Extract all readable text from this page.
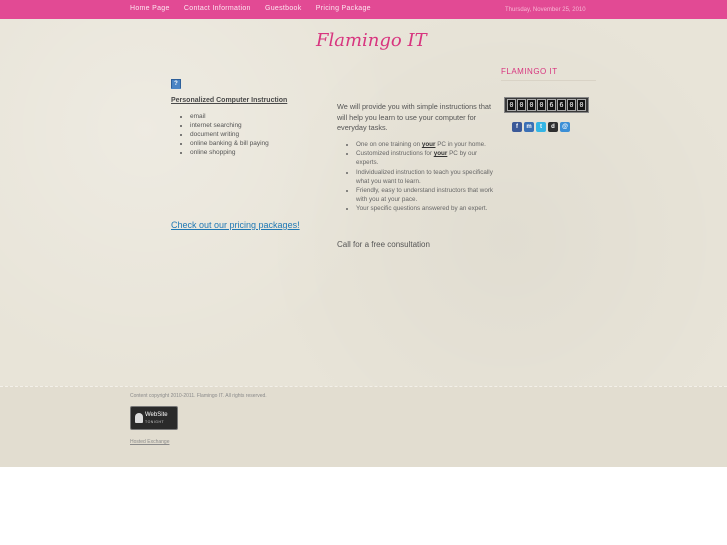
Home Page Contact Information Guestbook Pricing Package	Thursday, November 25, 2010
Flamingo IT
?
Personalized Computer Instruction
• email
• internet searching
• document writing
• online banking & bill paying
• online shopping
Check out our pricing packages!
We will provide you with simple instructions that will help you learn to use your computer for everyday tasks.
• One on one training on your PC in your home.
• Customized instructions for your PC by our experts.
• Individualized instruction to teach you specifically what you want to learn.
• Friendly, easy to understand instructors that work with you at your pace.
• Your specific questions answered by an expert.
Call for a free consultation
FLAMINGO IT
0 0 0 0 6 6 0 0
f	m	t	d	@
Content copyright 2010-2011. Flamingo IT. All rights reserved.
WebSite
TONIGHT
Hosted Exchange
